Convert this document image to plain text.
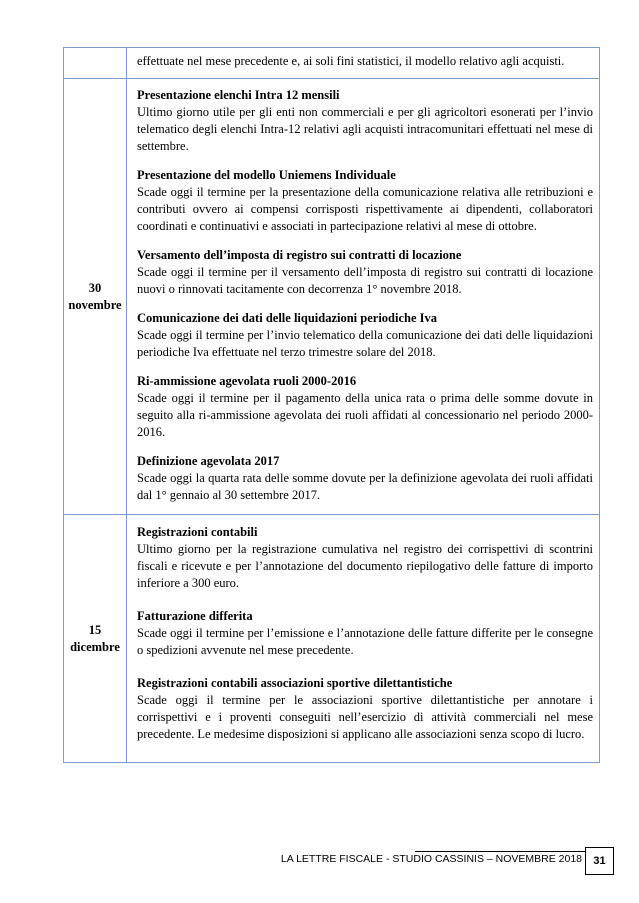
effettuate nel mese precedente e, ai soli fini statistici, il modello relativo agli acquisti.
30
novembre
Presentazione elenchi Intra 12 mensili
Ultimo giorno utile per gli enti non commerciali e per gli agricoltori esonerati per l’invio telematico degli elenchi Intra-12 relativi agli acquisti intracomunitari effettuati nel mese di settembre.
Presentazione del modello Uniemens Individuale
Scade oggi il termine per la presentazione della comunicazione relativa alle retribuzioni e contributi ovvero ai compensi corrisposti rispettivamente ai dipendenti, collaboratori coordinati e continuativi e associati in partecipazione relativi al mese di ottobre.
Versamento dell’imposta di registro sui contratti di locazione
Scade oggi il termine per il versamento dell’imposta di registro sui contratti di locazione nuovi o rinnovati tacitamente con decorrenza 1° novembre 2018.
Comunicazione dei dati delle liquidazioni periodiche Iva
Scade oggi il termine per l’invio telematico della comunicazione dei dati delle liquidazioni periodiche Iva effettuate nel terzo trimestre solare del 2018.
Ri-ammissione agevolata ruoli 2000-2016
Scade oggi il termine per il pagamento della unica rata o prima delle somme dovute in seguito alla ri-ammissione agevolata dei ruoli affidati al concessionario nel periodo 2000-2016.
Definizione agevolata 2017
Scade oggi la quarta rata delle somme dovute per la definizione agevolata dei ruoli affidati dal 1° gennaio al 30 settembre 2017.
15
dicembre
Registrazioni contabili
Ultimo giorno per la registrazione cumulativa nel registro dei corrispettivi di scontrini fiscali e ricevute e per l’annotazione del documento riepilogativo delle fatture di importo inferiore a 300 euro.
Fatturazione differita
Scade oggi il termine per l’emissione e l’annotazione delle fatture differite per le consegne o spedizioni avvenute nel mese precedente.
Registrazioni contabili associazioni sportive dilettantistiche
Scade oggi il termine per le associazioni sportive dilettantistiche per annotare i corrispettivi e i proventi conseguiti nell’esercizio di attività commerciali nel mese precedente. Le medesime disposizioni si applicano alle associazioni senza scopo di lucro.
LA LETTRE FISCALE - STUDIO CASSINIS – NOVEMBRE 2018	31
